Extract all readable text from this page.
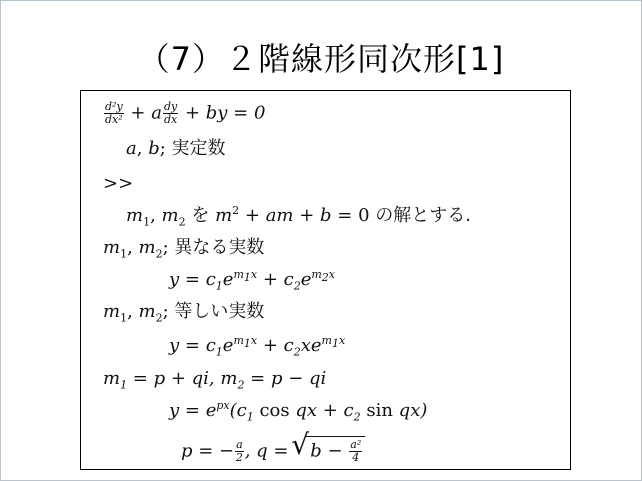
（7）２階線形同次形[1]
$\frac{\text{d²y}}{\text{dx²}} + a \frac{dy}{dx}$ + by = 0
a, b; 実定数
>>
$m_1$, $m_2$ を $m^2$ + am + b = 0 の解とする.
$m_1$, $m_2$; 異なる実数
$y = c_1e^{m_1x} + c_2e^{m_2x}$
$m_1$, $m_2$; 等しい実数
$y = c_1e^{m_1x} + c_2xe^{m_1x}$
$m_1 = p$ + qi, $m_2 = p$ − qi
$y = e^{px}(c_1$ cos qx + $c_2$ sin qx)
p = − $\frac{a}{2}$ , q = √ $b - \frac{\text{a²}}{4}$
